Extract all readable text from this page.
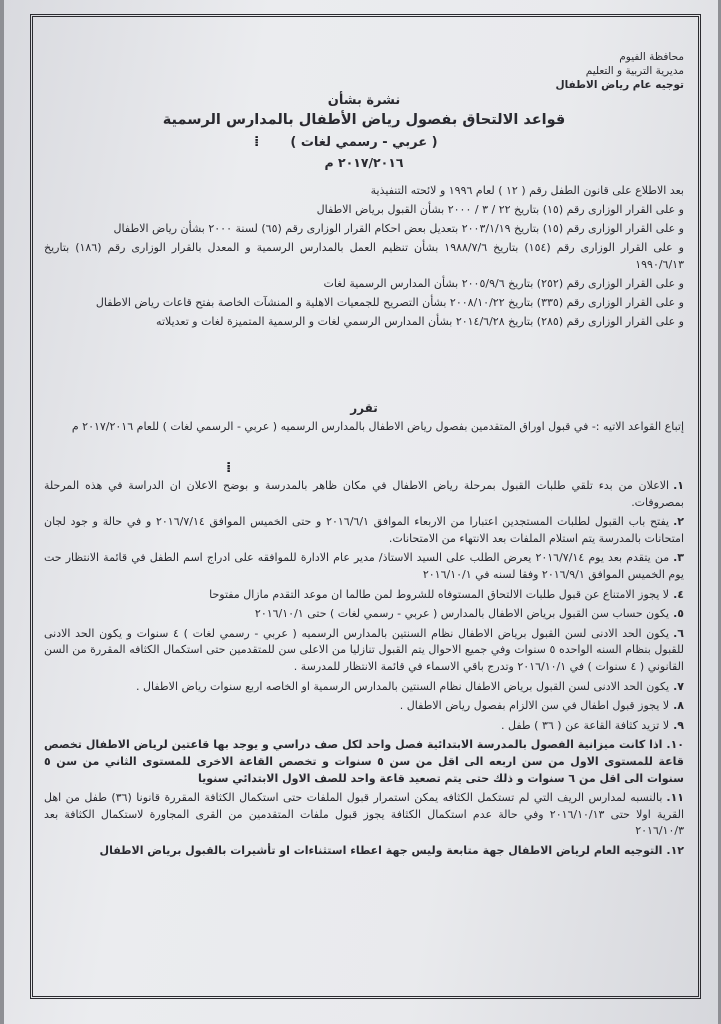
محافظة الفيوم
مديرية التربية و التعليم
توجيه عام رياض الاطفال
نشرة بشأن
قواعد الالتحاق بفصول رياض الأطفال بالمدارس الرسمية
( عربي - رسمي لغات )
٢٠١٧/٢٠١٦ م
⁞

بعد الاطلاع على قانون الطفل رقم ( ١٢ ) لعام ١٩٩٦ و لائحته التنفيذية

و على القرار الوزارى رقم (١٥) بتاريخ ٢٢ / ٣ / ٢٠٠٠ بشأن القبول برياض الاطفال

و على القرار الوزارى رقم (١٥) بتاريخ ٢٠٠٣/١/١٩ بتعديل بعض احكام القرار الوزارى رقم (٦٥) لسنة ٢٠٠٠ بشأن رياض الاطفال

و على القرار الوزارى رقم (١٥٤) بتاريخ ١٩٨٨/٧/٦ بشأن تنظيم العمل بالمدارس الرسمية و المعدل بالقرار الوزارى رقم (١٨٦) بتاريخ ١٩٩٠/٦/١٣

و على القرار الوزارى رقم (٢٥٢) بتاريخ ٢٠٠٥/٩/٦ بشأن المدارس الرسمية لغات

و على القرار الوزارى رقم (٣٣٥) بتاريخ ٢٠٠٨/١٠/٢٢ بشأن التصريح للجمعيات الاهلية و المنشآت الخاصة بفتح قاعات رياض الاطفال

و على القرار الوزارى رقم (٢٨٥) بتاريخ ٢٠١٤/٦/٢٨ بشأن المدارس الرسمي لغات و الرسمية المتميزة لغات و تعديلاته

تقرر
إتباع القواعد الاتيه :- في قبول اوراق المتقدمين بفصول رياض الاطفال بالمدارس الرسميه ( عربي - الرسمي لغات ) للعام ٢٠١٧/٢٠١٦ م
⁞
١.الاعلان من بدء تلقي طلبات القبول بمرحلة رياض الاطفال في مكان ظاهر بالمدرسة و بوضح الاعلان ان الدراسة في هذه المرحلة بمصروفات.
٢.يفتح باب القبول لطلبات المستجدين اعتبارا من الاربعاء الموافق ٢٠١٦/٦/١ و حتى الخميس الموافق ٢٠١٦/٧/١٤ و في حالة و جود لجان امتحانات بالمدرسة يتم استلام الملفات بعد الانتهاء من الامتحانات.
٣.من يتقدم بعد يوم ٢٠١٦/٧/١٤ يعرض الطلب على السيد الاستاذ/ مدير عام الادارة للموافقه على ادراج اسم الطفل في قائمة الانتظار حت يوم الخميس الموافق ٢٠١٦/٩/١ وفقا لسنه في ٢٠١٦/١٠/١
٤.لا يجوز الامتناع عن قبول طلبات الالتحاق المستوفاه للشروط لمن طالما ان موعد التقدم مازال مفتوحا
٥.يكون حساب سن القبول برياض الاطفال بالمدارس ( عربي - رسمي لغات ) حتى ٢٠١٦/١٠/١
٦.يكون الحد الادنى لسن القبول برياض الاطفال نظام السنتين بالمدارس الرسميه ( عربي - رسمي لغات ) ٤ سنوات و يكون الحد الادنى للقبول بنظام السنه الواحده ٥ سنوات وفي جميع الاحوال يتم القبول تنازليا من الاعلى سن للمتقدمين حتى استكمال الكثافه المقررة من السن القانوني ( ٤ سنوات ) في ٢٠١٦/١٠/١ وتدرج باقي الاسماء في قائمة الانتظار للمدرسة .
٧.يكون الحد الادنى لسن القبول برياض الاطفال نظام السنتين بالمدارس الرسمية او الخاصه اربع سنوات رياض الاطفال .
٨.لا يجوز قبول اطفال في سن الالزام بفصول رياض الاطفال .
٩.لا تزيد كثافة القاعة عن ( ٣٦ ) طفل .
١٠.اذا كانت ميزانية الفصول بالمدرسة الابتدائية فصل واحد لكل صف دراسي و يوجد بها قاعتين لرياض الاطفال تخصص قاعة للمستوى الاول من سن اربعه الى اقل من سن ٥ سنوات و تخصص القاعة الاخرى للمستوى الثاني من سن ٥ سنوات الى اقل من ٦ سنوات و ذلك حتى يتم تصعيد قاعة واحد للصف الاول الابتدائي سنويا
١١.بالنسبه لمدارس الريف التي لم تستكمل الكثافه يمكن استمرار قبول الملفات حتى استكمال الكثافة المقررة قانونا (٣٦) طفل من اهل القرية اولا حتى ٢٠١٦/١٠/١٣ وفي حالة عدم استكمال الكثافة يجوز قبول ملفات المتقدمين من القرى المجاورة لاستكمال الكثافة بعد ٢٠١٦/١٠/٣
١٢.التوجيه العام لرياض الاطفال جهة متابعة وليس جهة اعطاء استثناءات او تأشيرات بالقبول برياض الاطفال
